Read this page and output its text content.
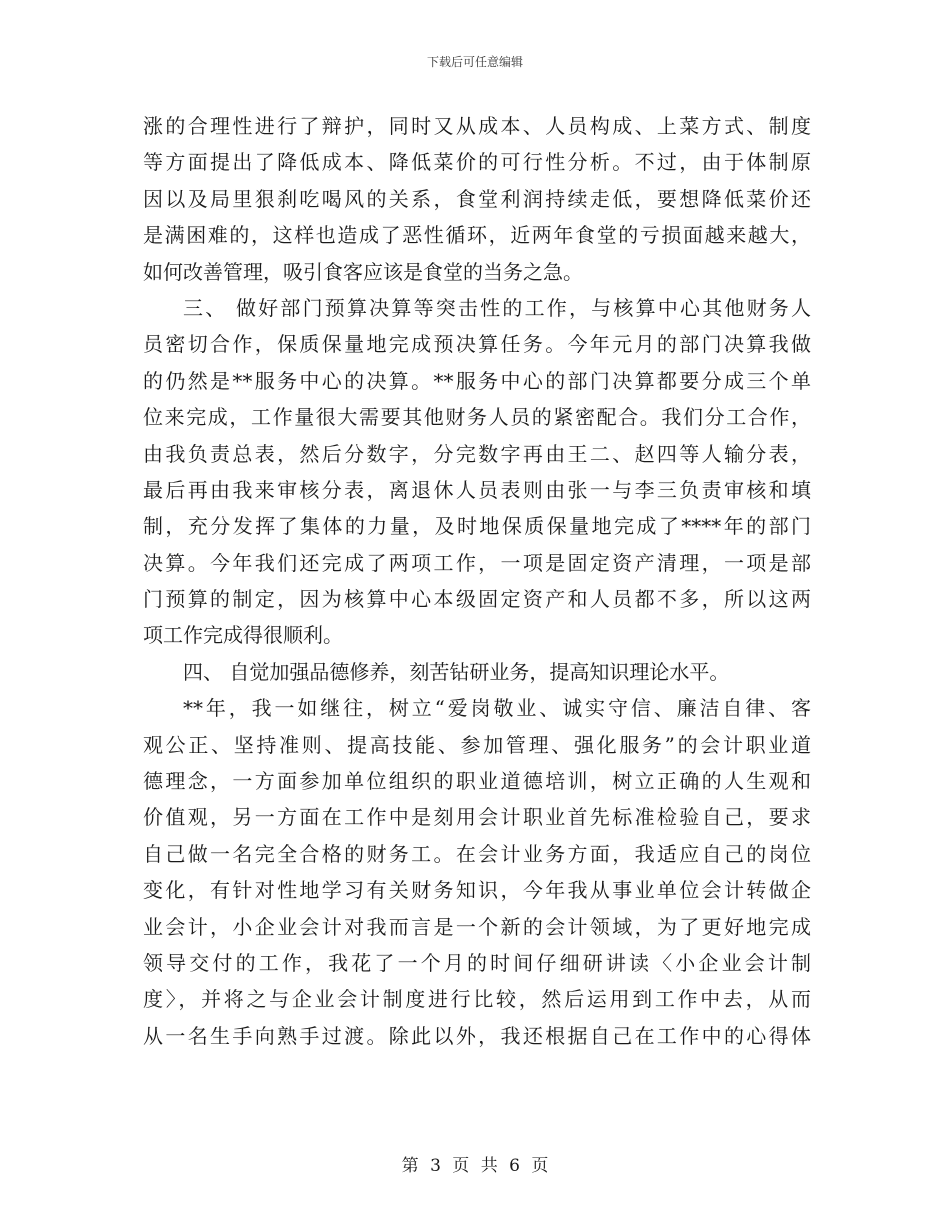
下载后可任意编辑
涨的合理性进行了辩护，同时又从成本、人员构成、上菜方式、制度
等方面提出了降低成本、降低菜价的可行性分析。不过，由于体制原
因以及局里狠刹吃喝风的关系，食堂利润持续走低，要想降低菜价还
是满困难的，这样也造成了恶性循环，近两年食堂的亏损面越来越大，
如何改善管理，吸引食客应该是食堂的当务之急。
三、 做好部门预算决算等突击性的工作，与核算中心其他财务人
员密切合作，保质保量地完成预决算任务。今年元月的部门决算我做
的仍然是**服务中心的决算。**服务中心的部门决算都要分成三个单
位来完成，工作量很大需要其他财务人员的紧密配合。我们分工合作，
由我负责总表，然后分数字，分完数字再由王二、赵四等人输分表，
最后再由我来审核分表，离退休人员表则由张一与李三负责审核和填
制，充分发挥了集体的力量，及时地保质保量地完成了****年的部门
决算。今年我们还完成了两项工作，一项是固定资产清理，一项是部
门预算的制定，因为核算中心本级固定资产和人员都不多，所以这两
项工作完成得很顺利。
四、 自觉加强品德修养，刻苦钻研业务，提高知识理论水平。
**年，我一如继往，树立“爱岗敬业、诚实守信、廉洁自律、客
观公正、坚持准则、提高技能、参加管理、强化服务”的会计职业道
德理念，一方面参加单位组织的职业道德培训，树立正确的人生观和
价值观，另一方面在工作中是刻用会计职业首先标准检验自己，要求
自己做一名完全合格的财务工。在会计业务方面，我适应自己的岗位
变化，有针对性地学习有关财务知识，今年我从事业单位会计转做企
业会计，小企业会计对我而言是一个新的会计领域，为了更好地完成
领导交付的工作，我花了一个月的时间仔细研讲读〈小企业会计制
度〉，并将之与企业会计制度进行比较，然后运用到工作中去，从而
从一名生手向熟手过渡。除此以外，我还根据自己在工作中的心得体
第 3 页 共 6 页
